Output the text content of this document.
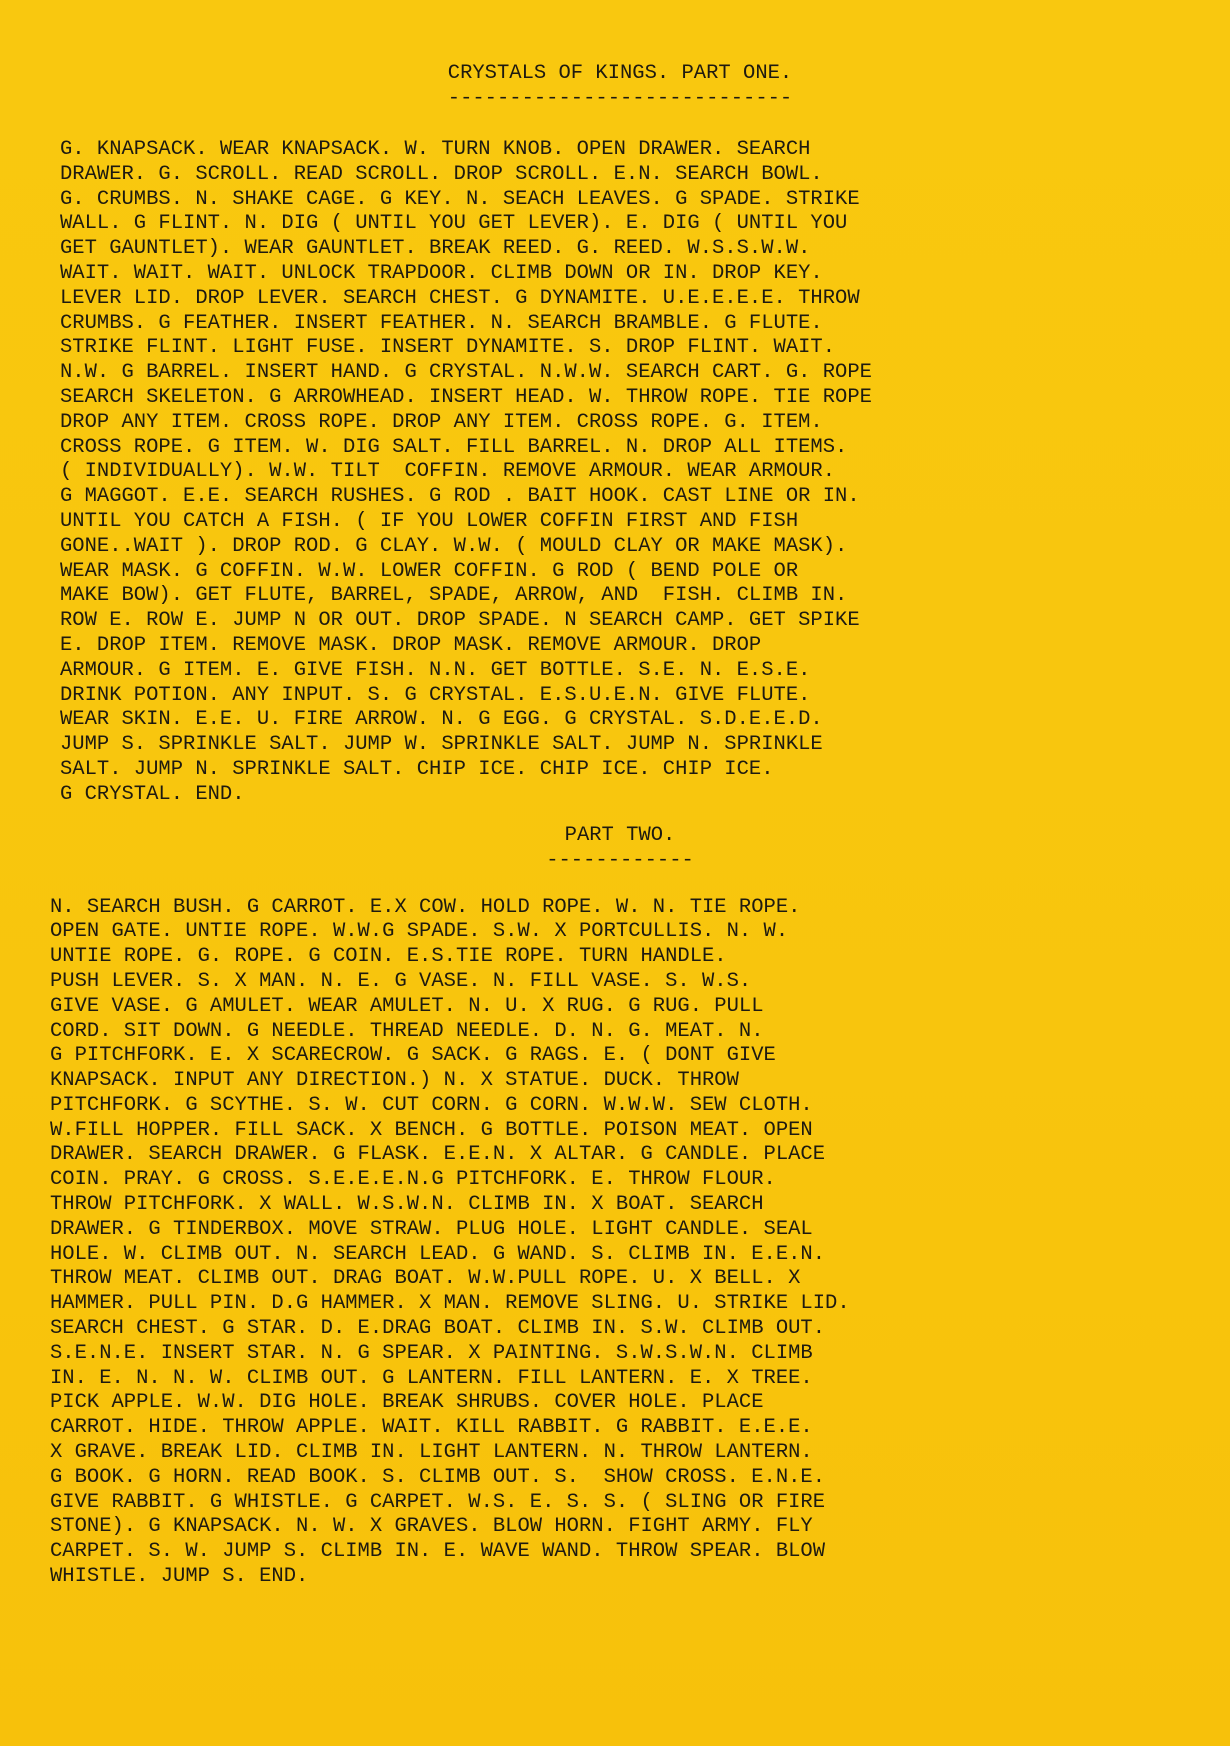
CRYSTALS OF KINGS. PART ONE.
----------------------------
G. KNAPSACK. WEAR KNAPSACK. W. TURN KNOB. OPEN DRAWER. SEARCH
DRAWER. G. SCROLL. READ SCROLL. DROP SCROLL. E.N. SEARCH BOWL.
G. CRUMBS. N. SHAKE CAGE. G KEY. N. SEACH LEAVES. G SPADE. STRIKE
WALL. G FLINT. N. DIG ( UNTIL YOU GET LEVER). E. DIG ( UNTIL YOU
GET GAUNTLET). WEAR GAUNTLET. BREAK REED. G. REED. W.S.S.W.W.
WAIT. WAIT. WAIT. UNLOCK TRAPDOOR. CLIMB DOWN OR IN. DROP KEY.
LEVER LID. DROP LEVER. SEARCH CHEST. G DYNAMITE. U.E.E.E.E. THROW
CRUMBS. G FEATHER. INSERT FEATHER. N. SEARCH BRAMBLE. G FLUTE.
STRIKE FLINT. LIGHT FUSE. INSERT DYNAMITE. S. DROP FLINT. WAIT.
N.W. G BARREL. INSERT HAND. G CRYSTAL. N.W.W. SEARCH CART. G. ROPE
SEARCH SKELETON. G ARROWHEAD. INSERT HEAD. W. THROW ROPE. TIE ROPE
DROP ANY ITEM. CROSS ROPE. DROP ANY ITEM. CROSS ROPE. G. ITEM.
CROSS ROPE. G ITEM. W. DIG SALT. FILL BARREL. N. DROP ALL ITEMS.
( INDIVIDUALLY). W.W. TILT  COFFIN. REMOVE ARMOUR. WEAR ARMOUR.
G MAGGOT. E.E. SEARCH RUSHES. G ROD . BAIT HOOK. CAST LINE OR IN.
UNTIL YOU CATCH A FISH. ( IF YOU LOWER COFFIN FIRST AND FISH
GONE..WAIT ). DROP ROD. G CLAY. W.W. ( MOULD CLAY OR MAKE MASK).
WEAR MASK. G COFFIN. W.W. LOWER COFFIN. G ROD ( BEND POLE OR
MAKE BOW). GET FLUTE, BARREL, SPADE, ARROW, AND  FISH. CLIMB IN.
ROW E. ROW E. JUMP N OR OUT. DROP SPADE. N SEARCH CAMP. GET SPIKE
E. DROP ITEM. REMOVE MASK. DROP MASK. REMOVE ARMOUR. DROP
ARMOUR. G ITEM. E. GIVE FISH. N.N. GET BOTTLE. S.E. N. E.S.E.
DRINK POTION. ANY INPUT. S. G CRYSTAL. E.S.U.E.N. GIVE FLUTE.
WEAR SKIN. E.E. U. FIRE ARROW. N. G EGG. G CRYSTAL. S.D.E.E.D.
JUMP S. SPRINKLE SALT. JUMP W. SPRINKLE SALT. JUMP N. SPRINKLE
SALT. JUMP N. SPRINKLE SALT. CHIP ICE. CHIP ICE. CHIP ICE.
G CRYSTAL. END.
PART TWO.
------------
N. SEARCH BUSH. G CARROT. E.X COW. HOLD ROPE. W. N. TIE ROPE.
OPEN GATE. UNTIE ROPE. W.W.G SPADE. S.W. X PORTCULLIS. N. W.
UNTIE ROPE. G. ROPE. G COIN. E.S.TIE ROPE. TURN HANDLE.
PUSH LEVER. S. X MAN. N. E. G VASE. N. FILL VASE. S. W.S.
GIVE VASE. G AMULET. WEAR AMULET. N. U. X RUG. G RUG. PULL
CORD. SIT DOWN. G NEEDLE. THREAD NEEDLE. D. N. G. MEAT. N.
G PITCHFORK. E. X SCARECROW. G SACK. G RAGS. E. ( DONT GIVE
KNAPSACK. INPUT ANY DIRECTION.) N. X STATUE. DUCK. THROW
PITCHFORK. G SCYTHE. S. W. CUT CORN. G CORN. W.W.W. SEW CLOTH.
W.FILL HOPPER. FILL SACK. X BENCH. G BOTTLE. POISON MEAT. OPEN
DRAWER. SEARCH DRAWER. G FLASK. E.E.N. X ALTAR. G CANDLE. PLACE
COIN. PRAY. G CROSS. S.E.E.E.N.G PITCHFORK. E. THROW FLOUR.
THROW PITCHFORK. X WALL. W.S.W.N. CLIMB IN. X BOAT. SEARCH
DRAWER. G TINDERBOX. MOVE STRAW. PLUG HOLE. LIGHT CANDLE. SEAL
HOLE. W. CLIMB OUT. N. SEARCH LEAD. G WAND. S. CLIMB IN. E.E.N.
THROW MEAT. CLIMB OUT. DRAG BOAT. W.W.PULL ROPE. U. X BELL. X
HAMMER. PULL PIN. D.G HAMMER. X MAN. REMOVE SLING. U. STRIKE LID.
SEARCH CHEST. G STAR. D. E.DRAG BOAT. CLIMB IN. S.W. CLIMB OUT.
S.E.N.E. INSERT STAR. N. G SPEAR. X PAINTING. S.W.S.W.N. CLIMB
IN. E. N. N. W. CLIMB OUT. G LANTERN. FILL LANTERN. E. X TREE.
PICK APPLE. W.W. DIG HOLE. BREAK SHRUBS. COVER HOLE. PLACE
CARROT. HIDE. THROW APPLE. WAIT. KILL RABBIT. G RABBIT. E.E.E.
X GRAVE. BREAK LID. CLIMB IN. LIGHT LANTERN. N. THROW LANTERN.
G BOOK. G HORN. READ BOOK. S. CLIMB OUT. S.  SHOW CROSS. E.N.E.
GIVE RABBIT. G WHISTLE. G CARPET. W.S. E. S. S. ( SLING OR FIRE
STONE). G KNAPSACK. N. W. X GRAVES. BLOW HORN. FIGHT ARMY. FLY
CARPET. S. W. JUMP S. CLIMB IN. E. WAVE WAND. THROW SPEAR. BLOW
WHISTLE. JUMP S. END.
